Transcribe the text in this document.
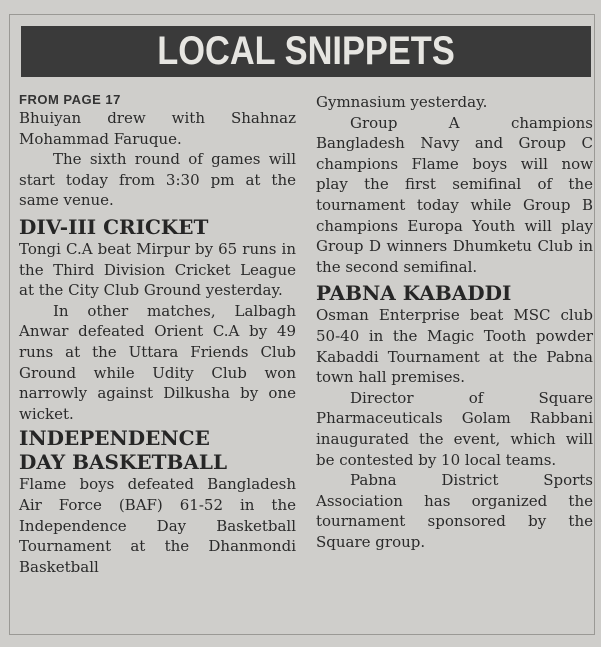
LOCAL SNIPPETS
FROM PAGE 17

Bhuiyan drew with Shahnaz Mohammad Faruque.

The sixth round of games will start today from 3:30 pm at the same venue.

DIV-III CRICKET

Tongi C.A beat Mirpur by 65 runs in the Third Division Cricket League at the City Club Ground yesterday.

In other matches, Lalbagh Anwar defeated Orient C.A by 49 runs at the Uttara Friends Club Ground while Udity Club won narrowly against Dilkusha by one wicket.

INDEPENDENCE
DAY BASKETBALL

Flame boys defeated Bangladesh Air Force (BAF) 61-52 in the Independence Day Basketball Tournament at the Dhanmondi Basketball

Gymnasium yesterday.

Group A champions Bangladesh Navy and Group C champions Flame boys will now play the first semifinal of the tournament today while Group B champions Europa Youth will play Group D winners Dhumketu Club in the second semifinal.

PABNA KABADDI

Osman Enterprise beat MSC club 50-40 in the Magic Tooth powder Kabaddi Tournament at the Pabna town hall premises.

Director of Square Pharmaceuticals Golam Rabbani inaugurated the event, which will be contested by 10 local teams.

Pabna District Sports Association has organized the tournament sponsored by the Square group.
